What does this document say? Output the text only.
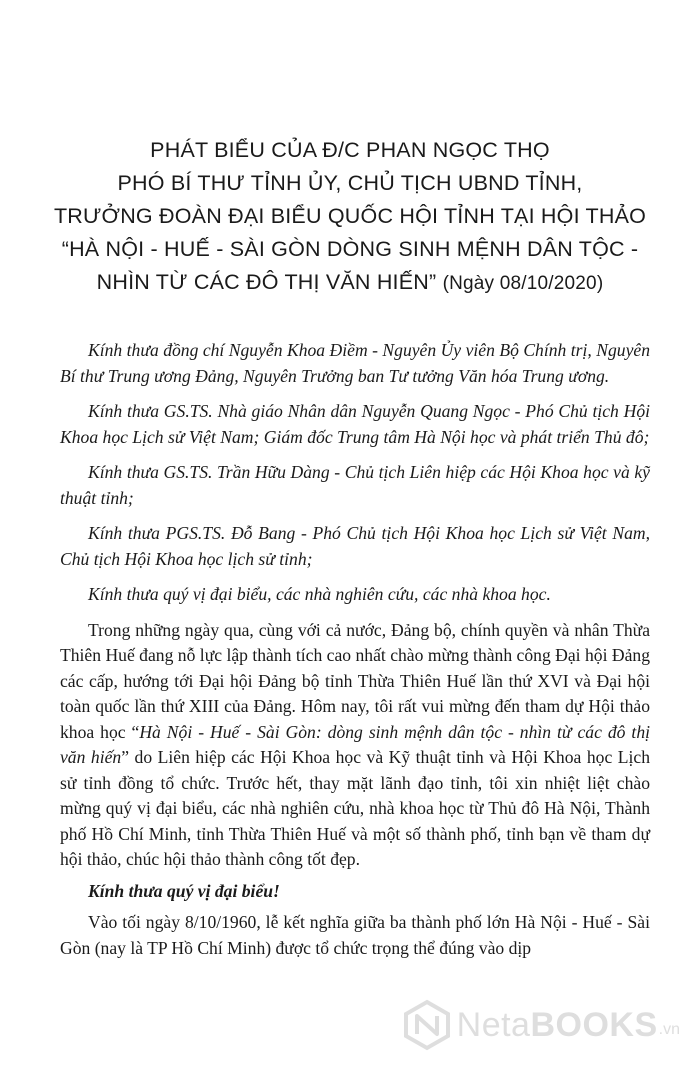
PHÁT BIỂU CỦA Đ/C PHAN NGỌC THỌ
PHÓ BÍ THƯ TỈNH ỦY, CHỦ TỊCH UBND TỈNH,
TRƯỞNG ĐOÀN ĐẠI BIỂU QUỐC HỘI TỈNH TẠI HỘI THẢO
“HÀ NỘI - HUẾ - SÀI GÒN DÒNG SINH MỆNH DÂN TỘC -
NHÌN TỪ CÁC ĐÔ THỊ VĂN HIẾN” (Ngày 08/10/2020)

Kính thưa đồng chí Nguyễn Khoa Điềm - Nguyên Ủy viên Bộ Chính trị, Nguyên Bí thư Trung ương Đảng, Nguyên Trưởng ban Tư tưởng Văn hóa Trung ương.

Kính thưa GS.TS. Nhà giáo Nhân dân Nguyễn Quang Ngọc - Phó Chủ tịch Hội Khoa học Lịch sử Việt Nam; Giám đốc Trung tâm Hà Nội học và phát triển Thủ đô;

Kính thưa GS.TS. Trần Hữu Dàng - Chủ tịch Liên hiệp các Hội Khoa học và kỹ thuật tỉnh;

Kính thưa PGS.TS. Đỗ Bang - Phó Chủ tịch Hội Khoa học Lịch sử Việt Nam, Chủ tịch Hội Khoa học lịch sử tỉnh;

Kính thưa quý vị đại biểu, các nhà nghiên cứu, các nhà khoa học.

Trong những ngày qua, cùng với cả nước, Đảng bộ, chính quyền và nhân Thừa Thiên Huế đang nỗ lực lập thành tích cao nhất chào mừng thành công Đại hội Đảng các cấp, hướng tới Đại hội Đảng bộ tỉnh Thừa Thiên Huế lần thứ XVI và Đại hội toàn quốc lần thứ XIII của Đảng. Hôm nay, tôi rất vui mừng đến tham dự Hội thảo khoa học “Hà Nội - Huế - Sài Gòn: dòng sinh mệnh dân tộc - nhìn từ các đô thị văn hiến” do Liên hiệp các Hội Khoa học và Kỹ thuật tỉnh và Hội Khoa học Lịch sử tỉnh đồng tổ chức. Trước hết, thay mặt lãnh đạo tỉnh, tôi xin nhiệt liệt chào mừng quý vị đại biểu, các nhà nghiên cứu, nhà khoa học từ Thủ đô Hà Nội, Thành phố Hồ Chí Minh, tỉnh Thừa Thiên Huế và một số thành phố, tỉnh bạn về tham dự hội thảo, chúc hội thảo thành công tốt đẹp.

Kính thưa quý vị đại biểu!

Vào tối ngày 8/10/1960, lễ kết nghĩa giữa ba thành phố lớn Hà Nội - Huế - Sài Gòn (nay là TP Hồ Chí Minh) được tổ chức trọng thể đúng vào dịp

NetaBOOKS .vn
